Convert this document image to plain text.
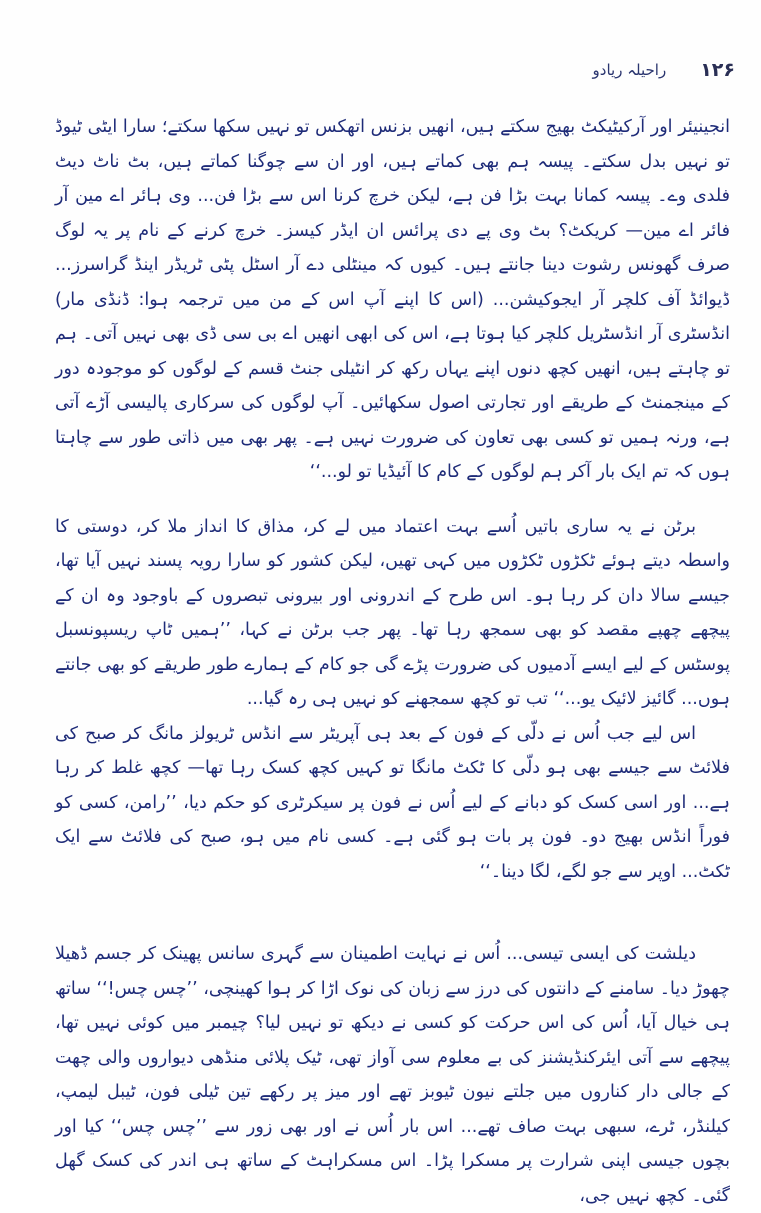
راحیلہ ریادو ۱۲۶

انجینیئر اور آرکیٹیکٹ بھیج سکتے ہیں، انھیں بزنس اتھکس تو نہیں سکھا سکتے؛ سارا ایٹی ٹیوڈ تو نہیں بدل سکتے۔ پیسہ ہم بھی کماتے ہیں، اور ان سے چوگنا کماتے ہیں، بٹ ناٹ دیٹ فلدی وے۔ پیسہ کمانا بہت بڑا فن ہے، لیکن خرچ کرنا اس سے بڑا فن... وی ہائر اے مین آر فائر اے مین— کریکٹ؟ بٹ وی پے دی پرائس ان ایڈر کیسز۔ خرچ کرنے کے نام پر یہ لوگ صرف گھونس رشوت دینا جانتے ہیں۔ کیوں کہ مینٹلی دے آر اسٹل پٹی ٹریڈر اینڈ گراسرز... ڈیوائڈ آف کلچر آر ایجوکیشن... (اس کا اپنے آپ اس کے من میں ترجمہ ہوا: ڈنڈی مار) انڈسٹری آر انڈسٹریل کلچر کیا ہوتا ہے، اس کی ابھی انھیں اے بی سی ڈی بھی نہیں آتی۔ ہم تو چاہتے ہیں، انھیں کچھ دنوں اپنے یہاں رکھ کر انٹیلی جنٹ قسم کے لوگوں کو موجودہ دور کے مینجمنٹ کے طریقے اور تجارتی اصول سکھائیں۔ آپ لوگوں کی سرکاری پالیسی آڑے آتی ہے، ورنہ ہمیں تو کسی بھی تعاون کی ضرورت نہیں ہے۔ پھر بھی میں ذاتی طور سے چاہتا ہوں کہ تم ایک بار آکر ہم لوگوں کے کام کا آئیڈیا تو لو...‘‘

برٹن نے یہ ساری باتیں اُسے بہت اعتماد میں لے کر، مذاق کا انداز ملا کر، دوستی کا واسطہ دیتے ہوئے ٹکڑوں ٹکڑوں میں کہی تھیں، لیکن کشور کو سارا رویہ پسند نہیں آیا تھا، جیسے سالا دان کر رہا ہو۔ اس طرح کے اندرونی اور بیرونی تبصروں کے باوجود وہ ان کے پیچھے چھپے مقصد کو بھی سمجھ رہا تھا۔ پھر جب برٹن نے کہا، ’’ہمیں ٹاپ ریسپونسبل پوسٹس کے لیے ایسے آدمیوں کی ضرورت پڑے گی جو کام کے ہمارے طور طریقے کو بھی جانتے ہوں... گائیز لائیک یو...‘‘ تب تو کچھ سمجھنے کو نہیں ہی رہ گیا...

اس لیے جب اُس نے دلّی کے فون کے بعد ہی آپریٹر سے انڈس ٹریولز مانگ کر صبح کی فلائٹ سے جیسے بھی ہو دلّی کا ٹکٹ مانگا تو کہیں کچھ کسک رہا تھا— کچھ غلط کر رہا ہے... اور اسی کسک کو دبانے کے لیے اُس نے فون پر سیکرٹری کو حکم دیا، ’’رامن، کسی کو فوراً انڈس بھیج دو۔ فون پر بات ہو گئی ہے۔ کسی نام میں ہو، صبح کی فلائٹ سے ایک ٹکٹ... اوپر سے جو لگے، لگا دینا۔‘‘

دیلشت کی ایسی تیسی... اُس نے نہایت اطمینان سے گہری سانس پھینک کر جسم ڈھیلا چھوڑ دیا۔ سامنے کے دانتوں کی درز سے زبان کی نوک اڑا کر ہوا کھینچی، ’’چس چس!‘‘ ساتھ ہی خیال آیا، اُس کی اس حرکت کو کسی نے دیکھ تو نہیں لیا؟ چیمبر میں کوئی نہیں تھا، پیچھے سے آتی ایئرکنڈیشنز کی بے معلوم سی آواز تھی، ٹیک پلائی منڈھی دیواروں والی چھت کے جالی دار کناروں میں جلتے نیون ٹیوبز تھے اور میز پر رکھے تین ٹیلی فون، ٹیبل لیمپ، کیلنڈر، ٹرے، سبھی بہت صاف تھے... اس بار اُس نے اور بھی زور سے ’’چس چس‘‘ کیا اور بچوں جیسی اپنی شرارت پر مسکرا پڑا۔ اس مسکراہٹ کے ساتھ ہی اندر کی کسک گھل گئی۔ کچھ نہیں جی،
